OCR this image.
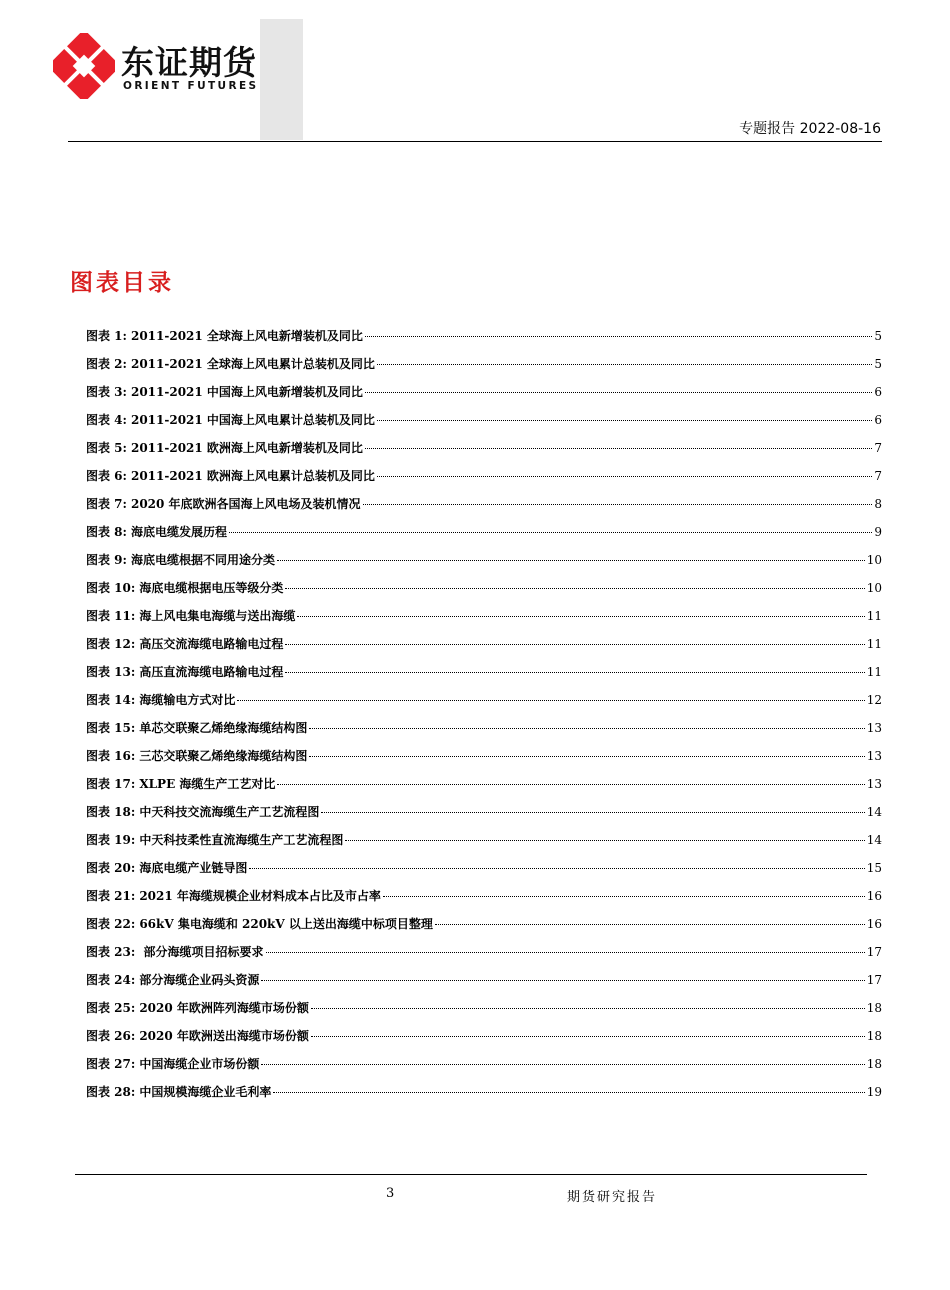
东证期货
ORIENT FUTURES
专题报告 2022-08-16
图表目录
图表 1: 2011-2021 全球海上风电新增装机及同比	5
图表 2: 2011-2021 全球海上风电累计总装机及同比	5
图表 3: 2011-2021 中国海上风电新增装机及同比	6
图表 4: 2011-2021 中国海上风电累计总装机及同比	6
图表 5: 2011-2021 欧洲海上风电新增装机及同比	7
图表 6: 2011-2021 欧洲海上风电累计总装机及同比	7
图表 7: 2020 年底欧洲各国海上风电场及装机情况	8
图表 8: 海底电缆发展历程	9
图表 9: 海底电缆根据不同用途分类	10
图表 10: 海底电缆根据电压等级分类	10
图表 11: 海上风电集电海缆与送出海缆	11
图表 12: 高压交流海缆电路输电过程	11
图表 13: 高压直流海缆电路输电过程	11
图表 14: 海缆输电方式对比	12
图表 15: 单芯交联聚乙烯绝缘海缆结构图	13
图表 16: 三芯交联聚乙烯绝缘海缆结构图	13
图表 17: XLPE 海缆生产工艺对比	13
图表 18: 中天科技交流海缆生产工艺流程图	14
图表 19: 中天科技柔性直流海缆生产工艺流程图	14
图表 20: 海底电缆产业链导图	15
图表 21: 2021 年海缆规模企业材料成本占比及市占率	16
图表 22: 66kV 集电海缆和 220kV 以上送出海缆中标项目整理	16
图表 23: 部分海缆项目招标要求	17
图表 24: 部分海缆企业码头资源	17
图表 25: 2020 年欧洲阵列海缆市场份额	18
图表 26: 2020 年欧洲送出海缆市场份额	18
图表 27: 中国海缆企业市场份额	18
图表 28: 中国规模海缆企业毛利率	19
3	期货研究报告
